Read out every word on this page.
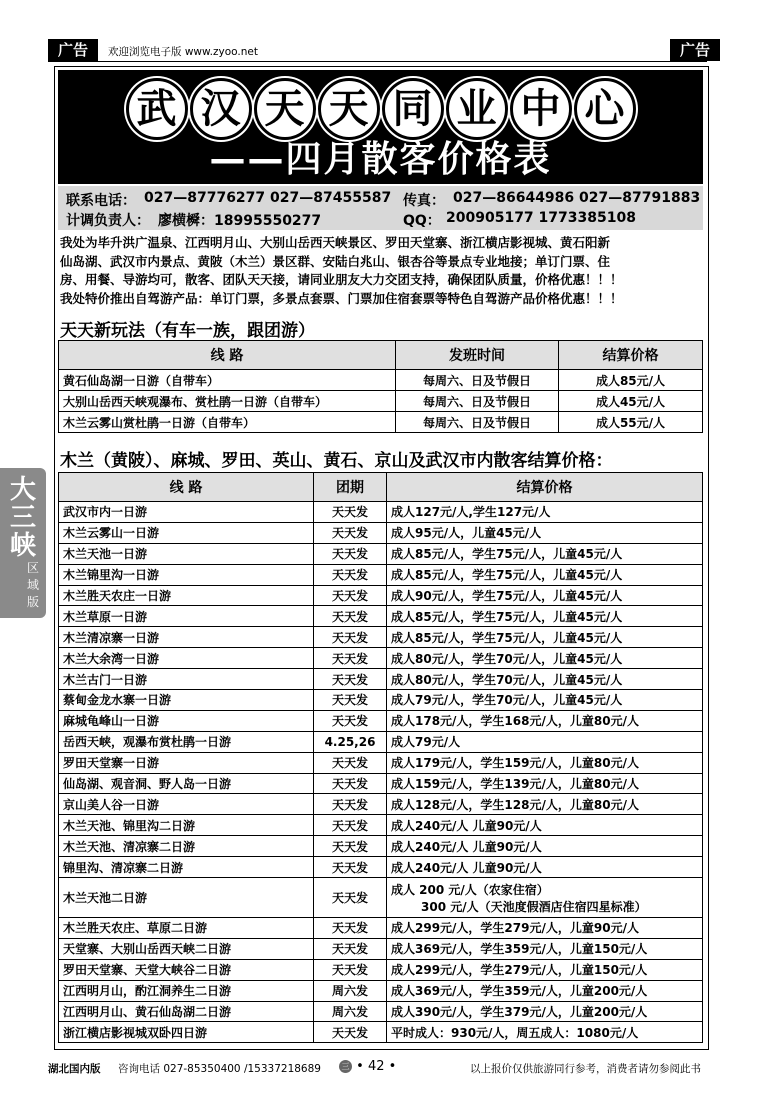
广告	欢迎浏览电子版 www.zyoo.net	广告
武 汉 天 天 同 业 中 心
——四月散客价格表
联系电话： 027—87776277 027—87455587 传真： 027—86644986 027—87791883
计调负责人： 廖横橓：18995550277	QQ： 200905177 1773385108
我处为毕升洪广温泉、江西明月山、大别山岳西天峡景区、罗田天堂寨、浙江横店影视城、黄石阳新
仙岛湖、武汉市内景点、黄陂（木兰）景区群、安陆白兆山、银杏谷等景点专业地接；单订门票、住
房、用餐、导游均可，散客、团队天天接，请同业朋友大力交团支持，确保团队质量，价格优惠！！！
我处特价推出自驾游产品：单订门票，多景点套票、门票加住宿套票等特色自驾游产品价格优惠！！！
天天新玩法（有车一族，跟团游）
线 路	发班时间	结算价格
黄石仙岛湖一日游（自带车）	每周六、日及节假日	成人85元/人
大别山岳西天峡观瀑布、赏杜鹃一日游（自带车）	每周六、日及节假日	成人45元/人
木兰云雾山赏杜鹃一日游（自带车）	每周六、日及节假日	成人55元/人
木兰（黄陂）、麻城、罗田、英山、黄石、京山及武汉市内散客结算价格：
线 路	团期	结算价格
武汉市内一日游	天天发	成人127元/人,学生127元/人
木兰云雾山一日游	天天发	成人95元/人，儿童45元/人
木兰天池一日游	天天发	成人85元/人，学生75元/人，儿童45元/人
木兰锦里沟一日游	天天发	成人85元/人，学生75元/人，儿童45元/人
木兰胜天农庄一日游	天天发	成人90元/人，学生75元/人，儿童45元/人
木兰草原一日游	天天发	成人85元/人，学生75元/人，儿童45元/人
木兰清凉寨一日游	天天发	成人85元/人，学生75元/人，儿童45元/人
木兰大余湾一日游	天天发	成人80元/人，学生70元/人，儿童45元/人
木兰古门一日游	天天发	成人80元/人，学生70元/人，儿童45元/人
蔡甸金龙水寨一日游	天天发	成人79元/人，学生70元/人，儿童45元/人
麻城龟峰山一日游	天天发	成人178元/人，学生168元/人，儿童80元/人
岳西天峡，观瀑布赏杜鹃一日游	4.25,26	成人79元/人
罗田天堂寨一日游	天天发	成人179元/人，学生159元/人，儿童80元/人
仙岛湖、观音洞、野人岛一日游	天天发	成人159元/人，学生139元/人，儿童80元/人
京山美人谷一日游	天天发	成人128元/人，学生128元/人，儿童80元/人
木兰天池、锦里沟二日游	天天发	成人240元/人 儿童90元/人
木兰天池、清凉寨二日游	天天发	成人240元/人 儿童90元/人
锦里沟、清凉寨二日游	天天发	成人240元/人 儿童90元/人
木兰天池二日游	天天发	成人 200 元/人（农家住宿）
300 元/人（天池度假酒店住宿四星标准）

木兰胜天农庄、草原二日游	天天发	成人299元/人，学生279元/人，儿童90元/人
天堂寨、大别山岳西天峡二日游	天天发	成人369元/人，学生359元/人，儿童150元/人
罗田天堂寨、天堂大峡谷二日游	天天发	成人299元/人，学生279元/人，儿童150元/人
江西明月山，酌江洞养生二日游	周六发	成人369元/人，学生359元/人，儿童200元/人
江西明月山、黄石仙岛湖二日游	周六发	成人390元/人，学生379元/人，儿童200元/人
浙江横店影视城双卧四日游	天天发	平时成人：930元/人，周五成人：1080元/人
大三峡
区域版
湖北国内版 咨询电话 027-85350400 /15337218689	三 • 42 •	以上报价仅供旅游同行参考，消费者请勿参阅此书
